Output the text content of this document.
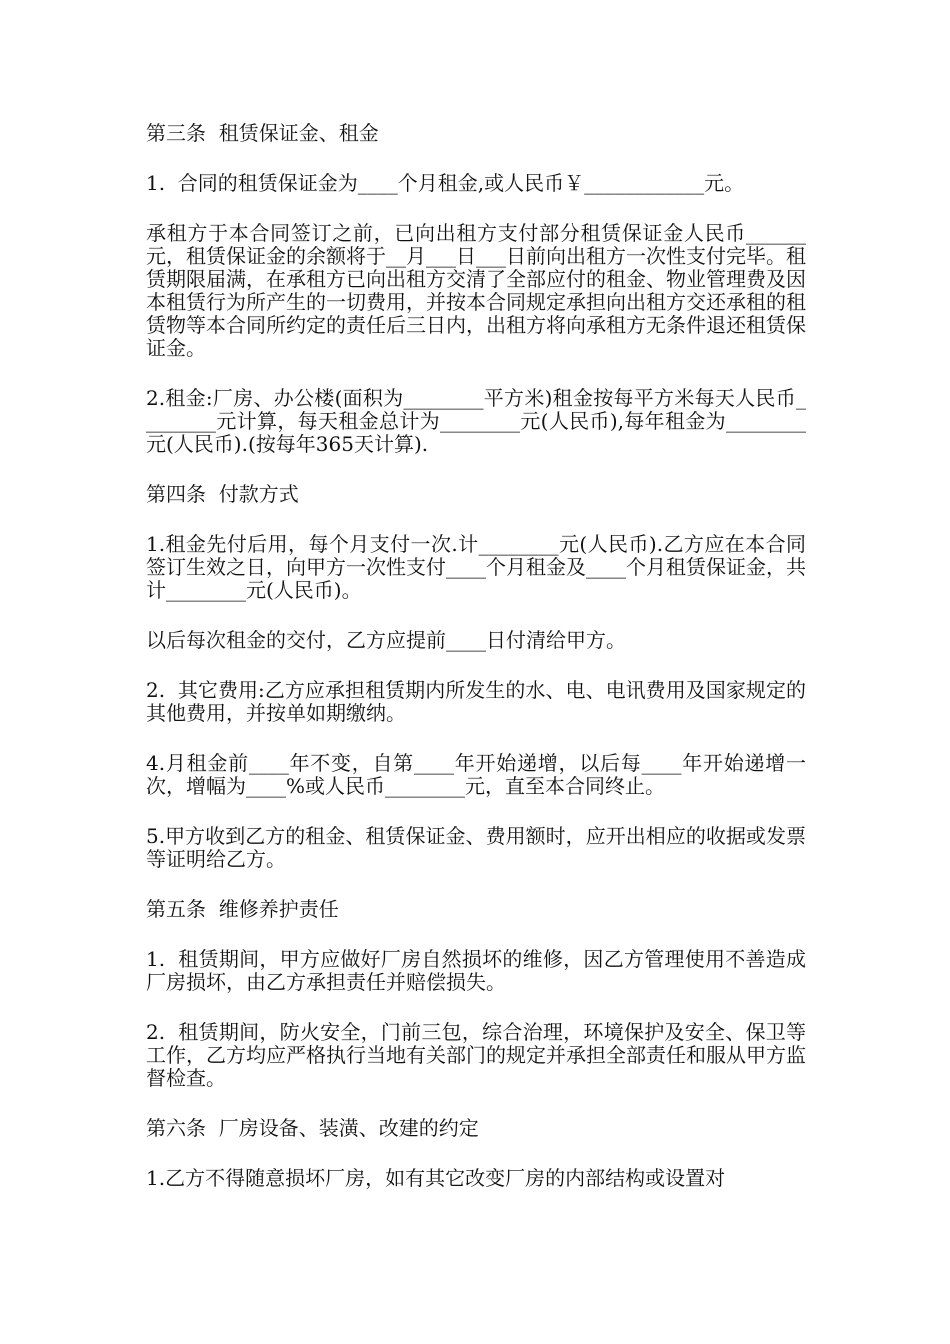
第三条  租赁保证金、租金

1.  合同的租赁保证金为____个月租金,或人民币￥____________元。

承租方于本合同签订之前，已向出租方支付部分租赁保证金人民币______元，租赁保证金的余额将于__月___日___日前向出租方一次性支付完毕。租赁期限届满，在承租方已向出租方交清了全部应付的租金、物业管理费及因本租赁行为所产生的一切费用，并按本合同规定承担向出租方交还承租的租赁物等本合同所约定的责任后三日内，出租方将向承租方无条件退还租赁保证金。

2.租金:厂房、办公楼(面积为________平方米)租金按每平方米每天人民币________元计算，每天租金总计为________元(人民币),每年租金为________元(人民币).(按每年365天计算).

第四条  付款方式

1.租金先付后用，每个月支付一次.计________元(人民币).乙方应在本合同签订生效之日，向甲方一次性支付____个月租金及____个月租赁保证金，共计________元(人民币)。

以后每次租金的交付，乙方应提前____日付清给甲方。

2.  其它费用:乙方应承担租赁期内所发生的水、电、电讯费用及国家规定的其他费用，并按单如期缴纳。

4.月租金前____年不变，自第____年开始递增，以后每____年开始递增一次，增幅为____%或人民币________元，直至本合同终止。

5.甲方收到乙方的租金、租赁保证金、费用额时，应开出相应的收据或发票等证明给乙方。

第五条  维修养护责任

1.  租赁期间，甲方应做好厂房自然损坏的维修，因乙方管理使用不善造成厂房损坏，由乙方承担责任并赔偿损失。

2.  租赁期间，防火安全，门前三包，综合治理，环境保护及安全、保卫等工作，乙方均应严格执行当地有关部门的规定并承担全部责任和服从甲方监督检查。

第六条  厂房设备、装潢、改建的约定

1.乙方不得随意损坏厂房，如有其它改变厂房的内部结构或设置对
